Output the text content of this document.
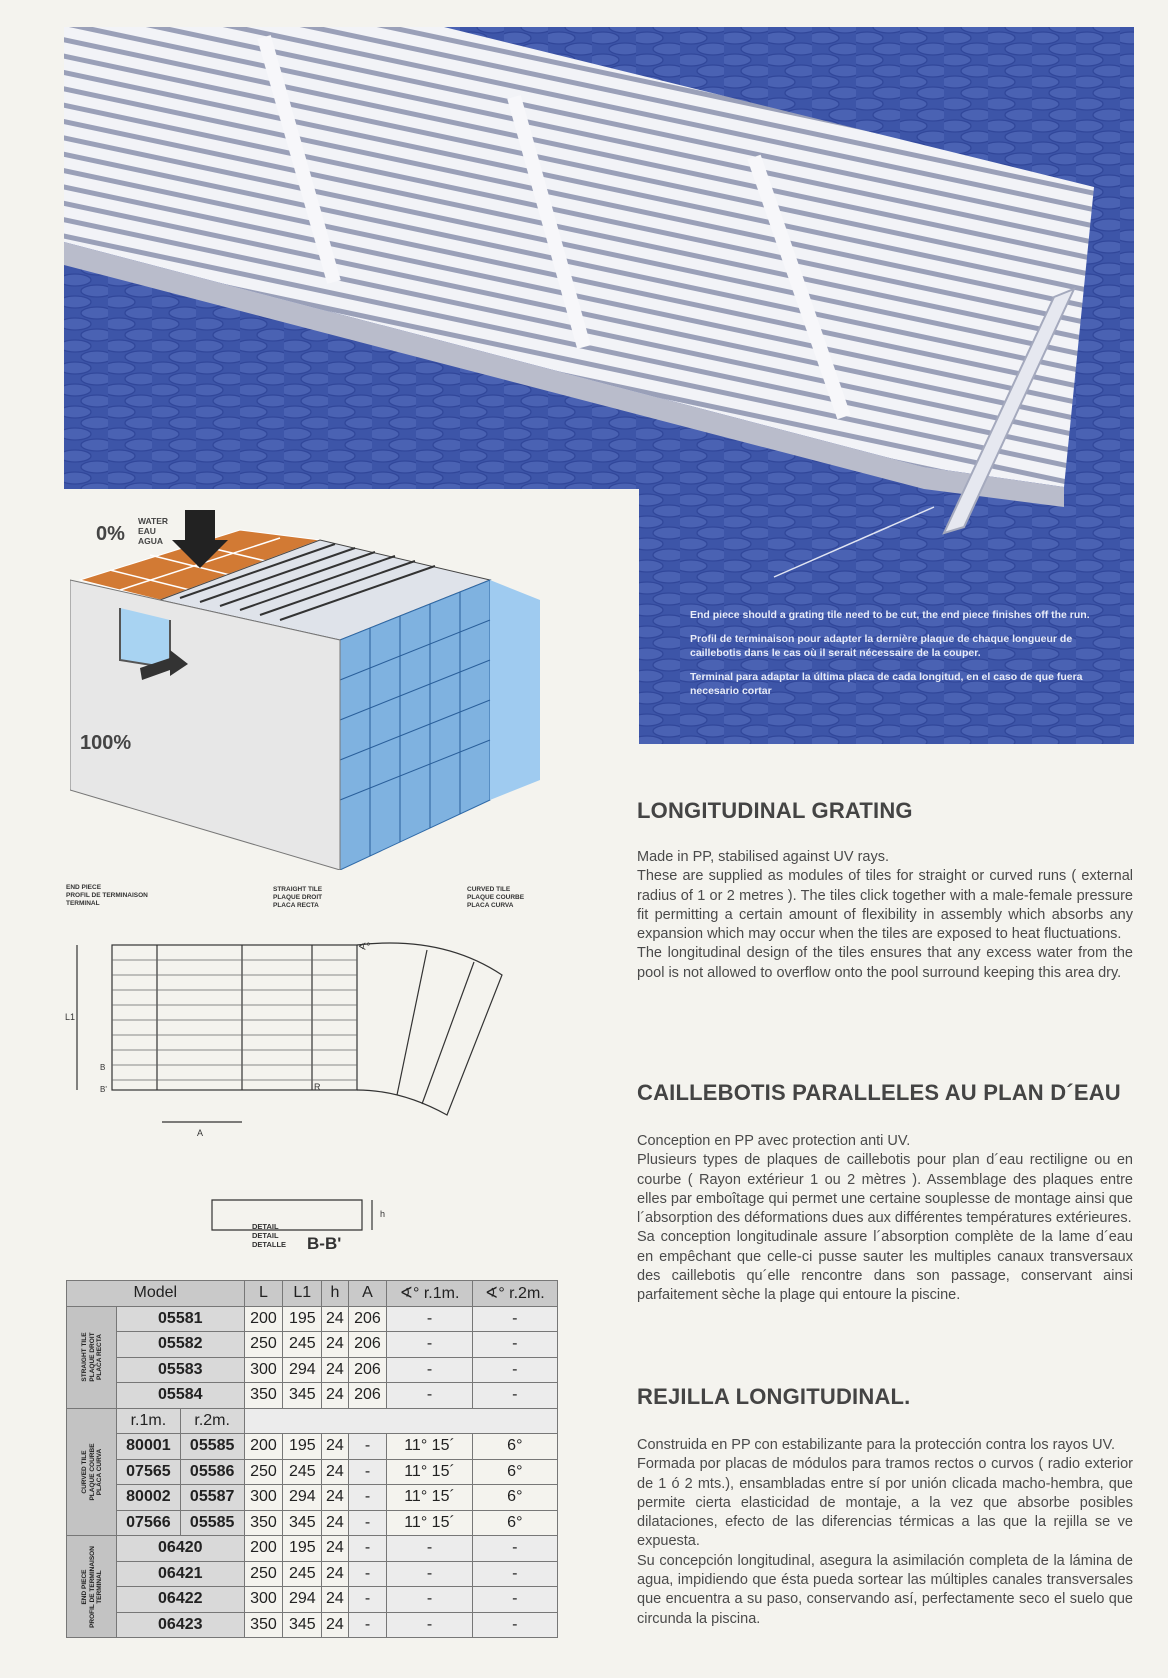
End piece should a grating tile need to be cut, the end piece finishes off the run.

Profil de terminaison pour adapter la dernière plaque de chaque longueur de caillebotis dans le cas où il serait nécessaire de la couper.

Terminal para adaptar la última placa de cada longitud, en el caso de que fuera necesario cortar

0%
WATER
EAU
AGUA
100%
L1
A
R
B
B'
h
∢°
END PIECE
PROFIL DE TERMINAISON
TERMINAL
STRAIGHT TILE
PLAQUE DROIT
PLACA RECTA
CURVED TILE
PLAQUE COURBE
PLACA CURVA
DETAIL
DETAIL
DETALLE B-B'
Model			L	L1	h	A	∢° r.1m.	∢° r.2m.

STRAIGHT TILE PLAQUE DROIT PLACA RECTA	05581		200	195	24	206	-	-
	05582		250	245	24	206	-	-
	05583		300	294	24	206	-	-
	05584		350	345	24	206	-	-

CURVED TILE PLAQUE COURBE PLACA CURVA	r.1m.	r.2m.						
	80001	05585	200	195	24	-	11° 15´	6°
	07565	05586	250	245	24	-	11° 15´	6°
	80002	05587	300	294	24	-	11° 15´	6°
	07566	05585	350	345	24	-	11° 15´	6°

END PIECE PROFIL DE TERMINAISON TERMINAL	06420		200	195	24	-	-	-
	06421		250	245	24	-	-	-
	06422		300	294	24	-	-	-
	06423		350	345	24	-	-	-
LONGITUDINAL GRATING

Made in PP, stabilised against UV rays.

These are supplied as modules of tiles for straight or curved runs ( external radius of 1 or 2 metres ). The tiles click together with a male-female pressure fit permitting a certain amount of flexibility in assembly which absorbs any expansion which may occur when the tiles are exposed to heat fluctuations.

The longitudinal design of the tiles ensures that any excess water from the pool is not allowed to overflow onto the pool surround keeping this area dry.

CAILLEBOTIS PARALLELES AU PLAN D´EAU

Conception en PP avec protection anti UV.

Plusieurs types de plaques de caillebotis pour plan d´eau rectiligne ou en courbe ( Rayon extérieur 1 ou 2 mètres ). Assemblage des plaques entre elles par emboîtage qui permet une certaine souplesse de montage ainsi que l´absorption des déformations dues aux différentes températures extérieures.

Sa conception longitudinale assure l´absorption complète de la lame d´eau en empêchant que celle-ci pusse sauter les multiples canaux transversaux des caillebotis qu´elle rencontre dans son passage, conservant ainsi parfaitement sèche la plage qui entoure la piscine.

REJILLA LONGITUDINAL.

Construida en PP con estabilizante para la protección contra los rayos UV.

Formada por placas de módulos para tramos rectos o curvos ( radio exterior de 1 ó 2 mts.), ensambladas entre sí por unión clicada macho-hembra, que permite cierta elasticidad de montaje, a la vez que absorbe posibles dilataciones, efecto de las diferencias térmicas a las que la rejilla se ve expuesta.

Su concepción longitudinal, asegura la asimilación completa de la lámina de agua, impidiendo que ésta pueda sortear las múltiples canales transversales que encuentra a su paso, conservando así, perfectamente seco el suelo que circunda la piscina.
